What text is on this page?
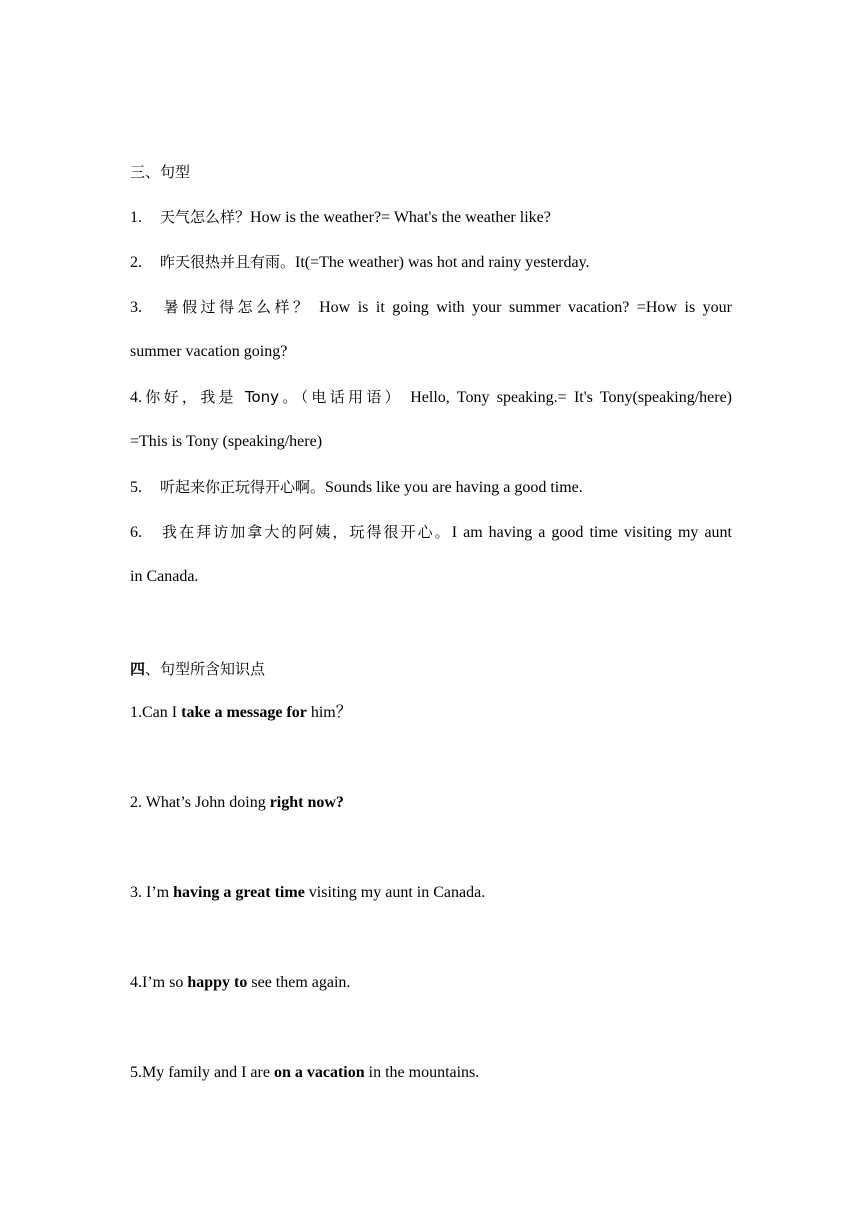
三、句型
1. 天气怎么样？How is the weather?= What's the weather like?
2. 昨天很热并且有雨。It(=The weather) was hot and rainy yesterday.
3. 暑假过得怎么样？ How is it going with your summer vacation? =How is your
summer vacation going?
4.你好，我是 Tony。（电话用语） Hello, Tony speaking.= It's Tony(speaking/here)
=This is Tony (speaking/here)
5. 听起来你正玩得开心啊。Sounds like you are having a good time.
6. 我在拜访加拿大的阿姨，玩得很开心。I am having a good time visiting my aunt
in Canada.
四、句型所含知识点
1.Can I take a message for him？
2. What’s John doing right now?
3. I’m having a great time visiting my aunt in Canada.
4.I’m so happy to see them again.
5.My family and I are on a vacation in the mountains.
